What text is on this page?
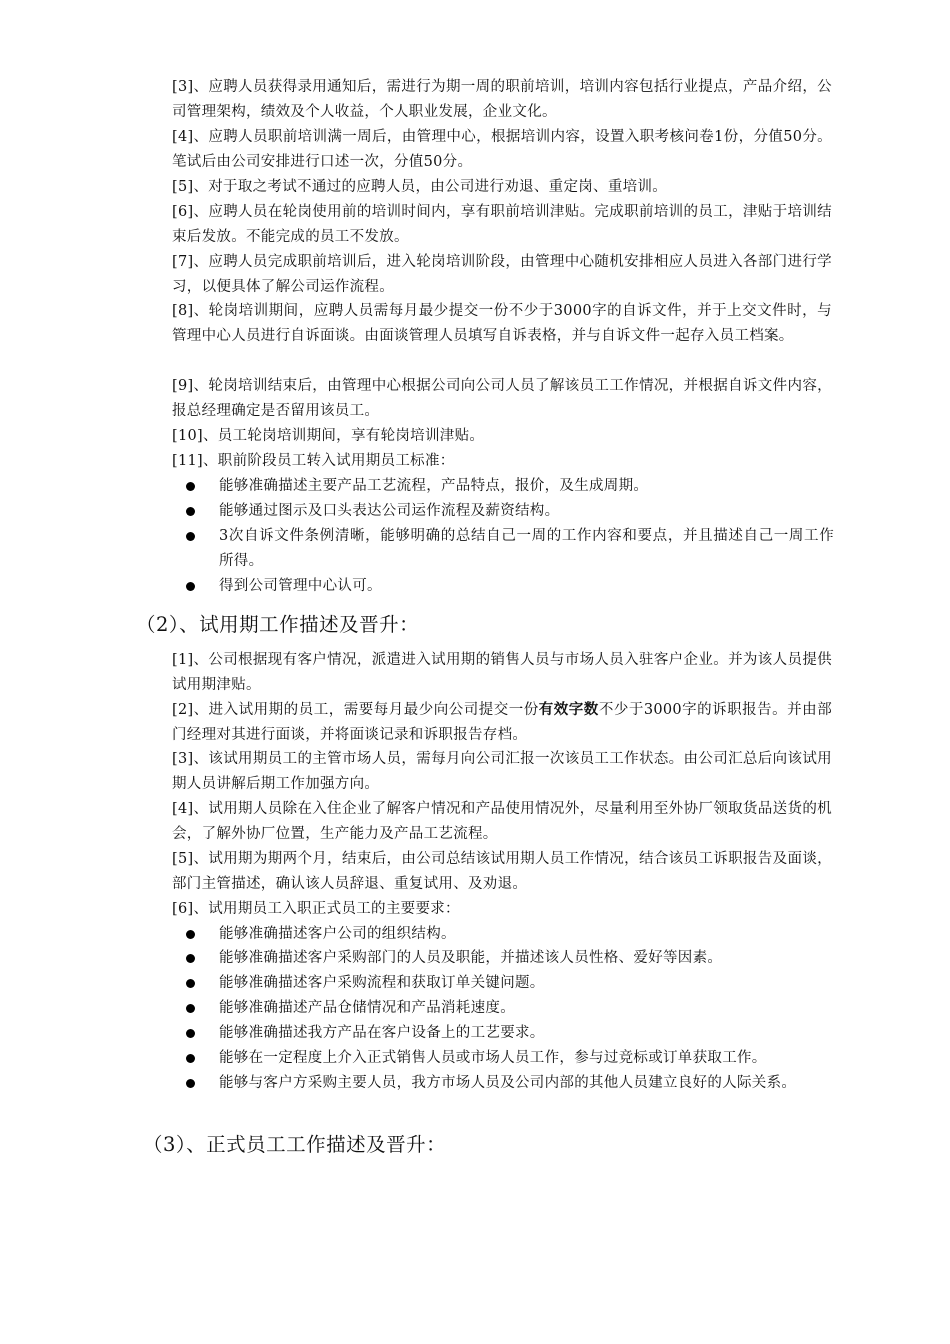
[3]、应聘人员获得录用通知后，需进行为期一周的职前培训，培训内容包括行业提点，产品介绍，公司管理架构，绩效及个人收益，个人职业发展，企业文化。
[4]、应聘人员职前培训满一周后，由管理中心，根据培训内容，设置入职考核问卷1份，分值50分。笔试后由公司安排进行口述一次，分值50分。
[5]、对于取之考试不通过的应聘人员，由公司进行劝退、重定岗、重培训。
[6]、应聘人员在轮岗使用前的培训时间内，享有职前培训津贴。完成职前培训的员工，津贴于培训结束后发放。不能完成的员工不发放。
[7]、应聘人员完成职前培训后，进入轮岗培训阶段，由管理中心随机安排相应人员进入各部门进行学习，以便具体了解公司运作流程。
[8]、轮岗培训期间，应聘人员需每月最少提交一份不少于3000字的自诉文件，并于上交文件时，与管理中心人员进行自诉面谈。由面谈管理人员填写自诉表格，并与自诉文件一起存入员工档案。
[9]、轮岗培训结束后，由管理中心根据公司向公司人员了解该员工工作情况，并根据自诉文件内容，报总经理确定是否留用该员工。
[10]、员工轮岗培训期间，享有轮岗培训津贴。
[11]、职前阶段员工转入试用期员工标准：
能够准确描述主要产品工艺流程，产品特点，报价，及生成周期。
能够通过图示及口头表达公司运作流程及薪资结构。
3次自诉文件条例清晰，能够明确的总结自己一周的工作内容和要点，并且描述自己一周工作所得。
得到公司管理中心认可。
（2）、试用期工作描述及晋升：
[1]、公司根据现有客户情况，派遣进入试用期的销售人员与市场人员入驻客户企业。并为该人员提供试用期津贴。
[2]、进入试用期的员工，需要每月最少向公司提交一份有效字数不少于3000字的诉职报告。并由部门经理对其进行面谈，并将面谈记录和诉职报告存档。
[3]、该试用期员工的主管市场人员，需每月向公司汇报一次该员工工作状态。由公司汇总后向该试用期人员讲解后期工作加强方向。
[4]、试用期人员除在入住企业了解客户情况和产品使用情况外，尽量利用至外协厂领取货品送货的机会，了解外协厂位置，生产能力及产品工艺流程。
[5]、试用期为期两个月，结束后，由公司总结该试用期人员工作情况，结合该员工诉职报告及面谈，部门主管描述，确认该人员辞退、重复试用、及劝退。
[6]、试用期员工入职正式员工的主要要求：
能够准确描述客户公司的组织结构。
能够准确描述客户采购部门的人员及职能，并描述该人员性格、爱好等因素。
能够准确描述客户采购流程和获取订单关键问题。
能够准确描述产品仓储情况和产品消耗速度。
能够准确描述我方产品在客户设备上的工艺要求。
能够在一定程度上介入正式销售人员或市场人员工作，参与过竞标或订单获取工作。
能够与客户方采购主要人员，我方市场人员及公司内部的其他人员建立良好的人际关系。
（3）、正式员工工作描述及晋升：
